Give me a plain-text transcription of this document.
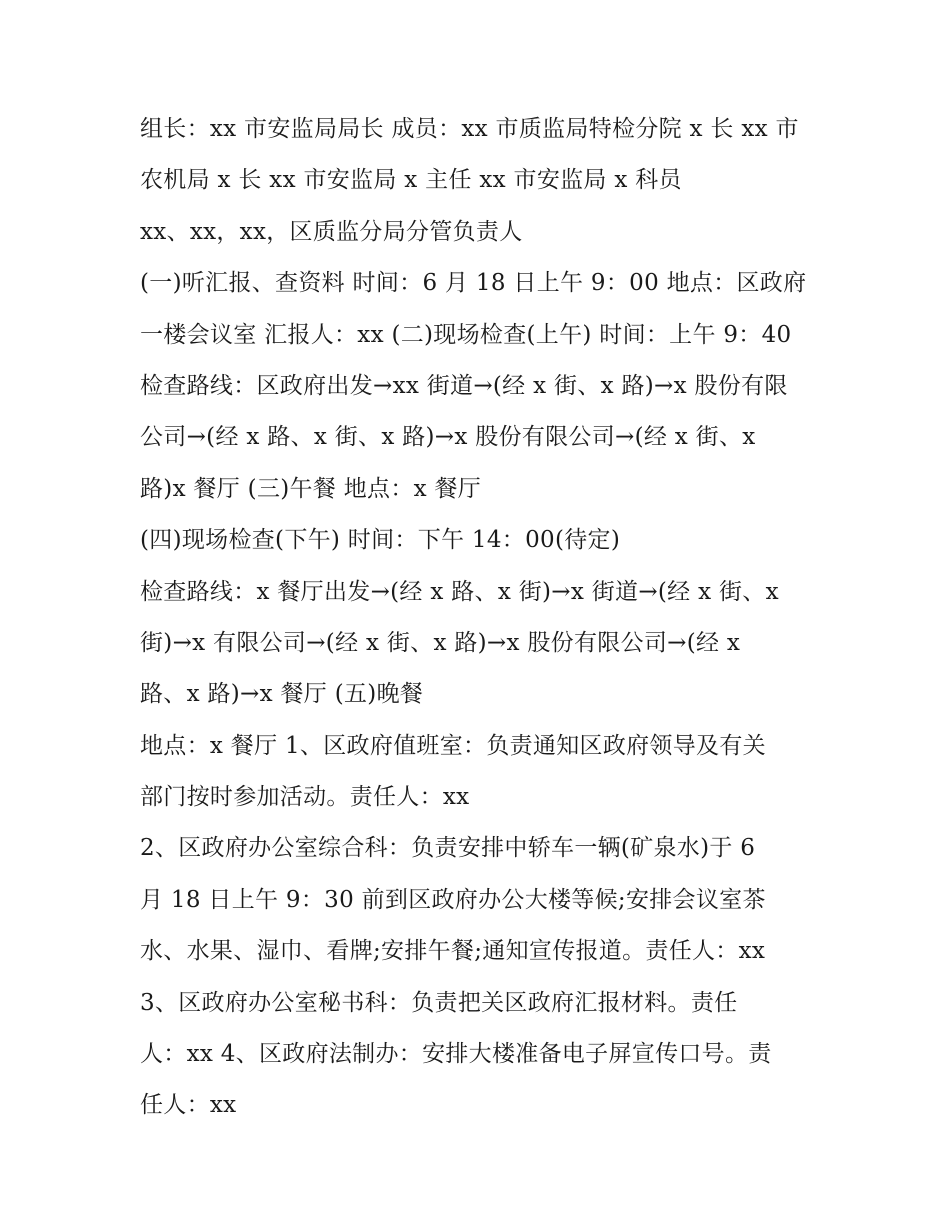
组长：xx 市安监局局长 成员：xx 市质监局特检分院 x 长 xx 市
农机局 x 长 xx 市安监局 x 主任 xx 市安监局 x 科员
xx、xx，xx，区质监分局分管负责人
(一)听汇报、查资料 时间：6 月 18 日上午 9：00 地点：区政府
一楼会议室 汇报人：xx (二)现场检查(上午) 时间：上午 9：40
检查路线：区政府出发→xx 街道→(经 x 街、x 路)→x 股份有限
公司→(经 x 路、x 街、x 路)→x 股份有限公司→(经 x 街、x
路)x 餐厅 (三)午餐 地点：x 餐厅
(四)现场检查(下午) 时间：下午 14：00(待定)
检查路线：x 餐厅出发→(经 x 路、x 街)→x 街道→(经 x 街、x
街)→x 有限公司→(经 x 街、x 路)→x 股份有限公司→(经 x
路、x 路)→x 餐厅 (五)晚餐
地点：x 餐厅 1、区政府值班室：负责通知区政府领导及有关
部门按时参加活动。责任人：xx
2、区政府办公室综合科：负责安排中轿车一辆(矿泉水)于 6
月 18 日上午 9：30 前到区政府办公大楼等候;安排会议室茶
水、水果、湿巾、看牌;安排午餐;通知宣传报道。责任人：xx
3、区政府办公室秘书科：负责把关区政府汇报材料。责任
人：xx 4、区政府法制办：安排大楼准备电子屏宣传口号。责
任人：xx
